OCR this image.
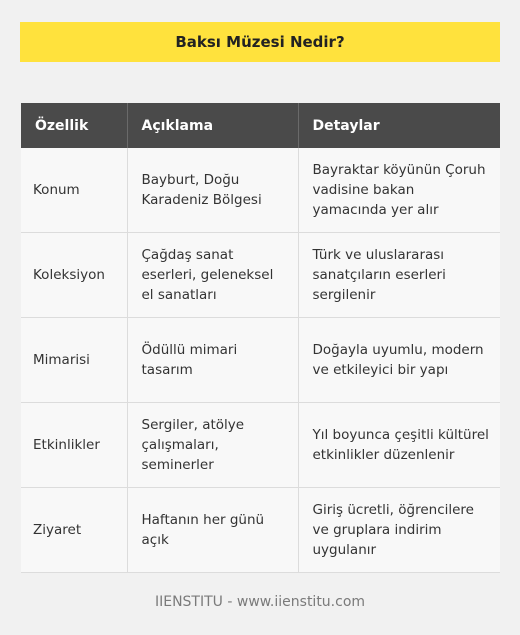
Baksı Müzesi Nedir?
Özellik	Açıklama	Detaylar
Konum	Bayburt, Doğu Karadeniz Bölgesi	Bayraktar köyünün Çoruh vadisine bakan yamacında yer alır
Koleksiyon	Çağdaş sanat eserleri, geleneksel el sanatları	Türk ve uluslararası sanatçıların eserleri sergilenir
Mimarisi	Ödüllü mimari tasarım	Doğayla uyumlu, modern ve etkileyici bir yapı
Etkinlikler	Sergiler, atölye çalışmaları, seminerler	Yıl boyunca çeşitli kültürel etkinlikler düzenlenir
Ziyaret	Haftanın her günü açık	Giriş ücretli, öğrencilere ve gruplara indirim uygulanır
IIENSTITU - www.iienstitu.com
